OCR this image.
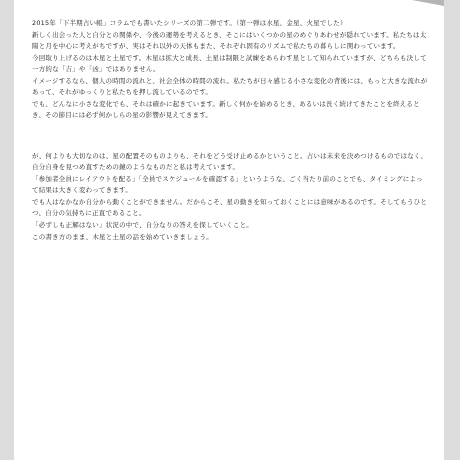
2015年「下半期占い帳」コラムでも書いたシリーズの第二弾です。（第一弾は水星、金星、火星でした）

新しく出会った人と自分との関係や、今後の運勢を考えるとき、そこにはいくつかの星のめぐりあわせが隠れています。私たちは太陽と月を中心に考えがちですが、実はそれ以外の天体もまた、それぞれ固有のリズムで私たちの暮らしに関わっています。

今回取り上げるのは木星と土星です。木星は拡大と成長、土星は制限と試練をあらわす星として知られていますが、どちらも決して一方的な「吉」や「凶」ではありません。

イメージするなら、個人の時間の流れと、社会全体の時間の流れ。私たちが日々感じる小さな変化の背後には、もっと大きな流れがあって、それがゆっくりと私たちを押し流しているのです。

でも、どんなに小さな変化でも、それは確かに起きています。新しく何かを始めるとき、あるいは長く続けてきたことを終えるとき、その節目には必ず何かしらの星の影響が見えてきます。

が、何よりも大切なのは、星の配置そのものよりも、それをどう受け止めるかということ。占いは未来を決めつけるものではなく、自分自身を見つめ直すための鏡のようなものだと私は考えています。

「参加者全員にレイアウトを配る」「全員でスケジュールを確認する」というような、ごく当たり前のことでも、タイミングによって結果は大きく変わってきます。

でも人はなかなか自分から動くことができません。だからこそ、星の動きを知っておくことには意味があるのです。そしてもうひとつ、自分の気持ちに正直であること。

「必ずしも正解はない」状況の中で、自分なりの答えを探していくこと。

この書き方のまま、木星と土星の話を始めていきましょう。
